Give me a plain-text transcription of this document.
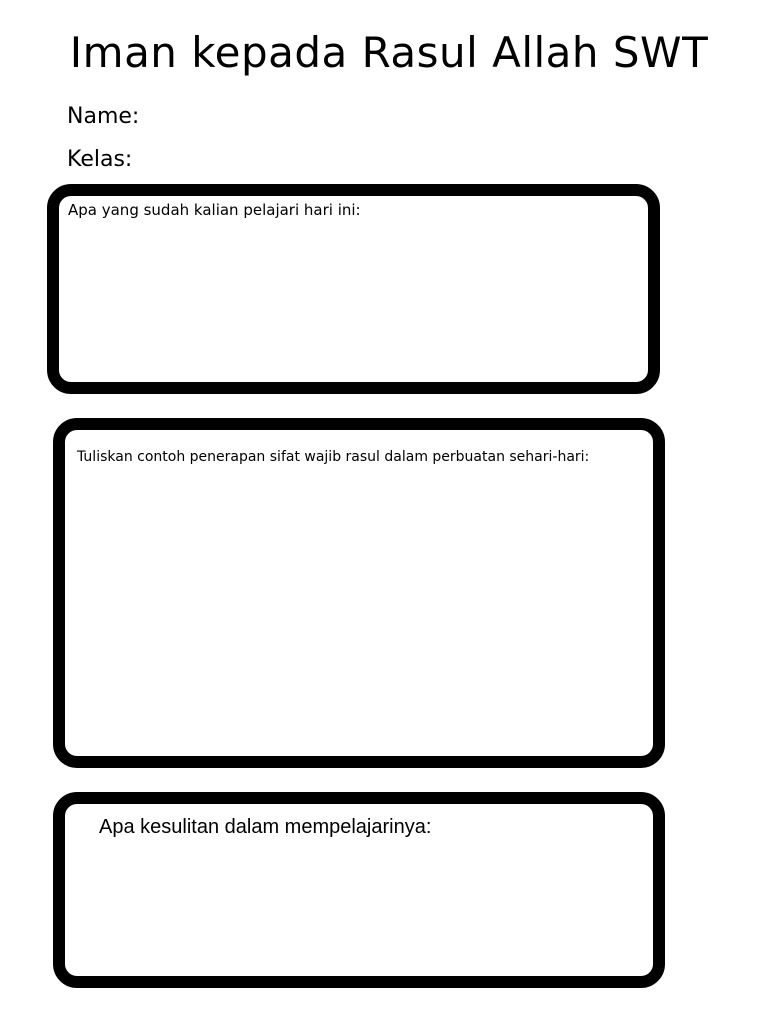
Iman kepada Rasul Allah SWT

Name:

Kelas:

Apa yang sudah kalian pelajari hari ini:

Tuliskan contoh penerapan sifat wajib rasul dalam perbuatan sehari-hari:

Apa kesulitan dalam mempelajarinya:
